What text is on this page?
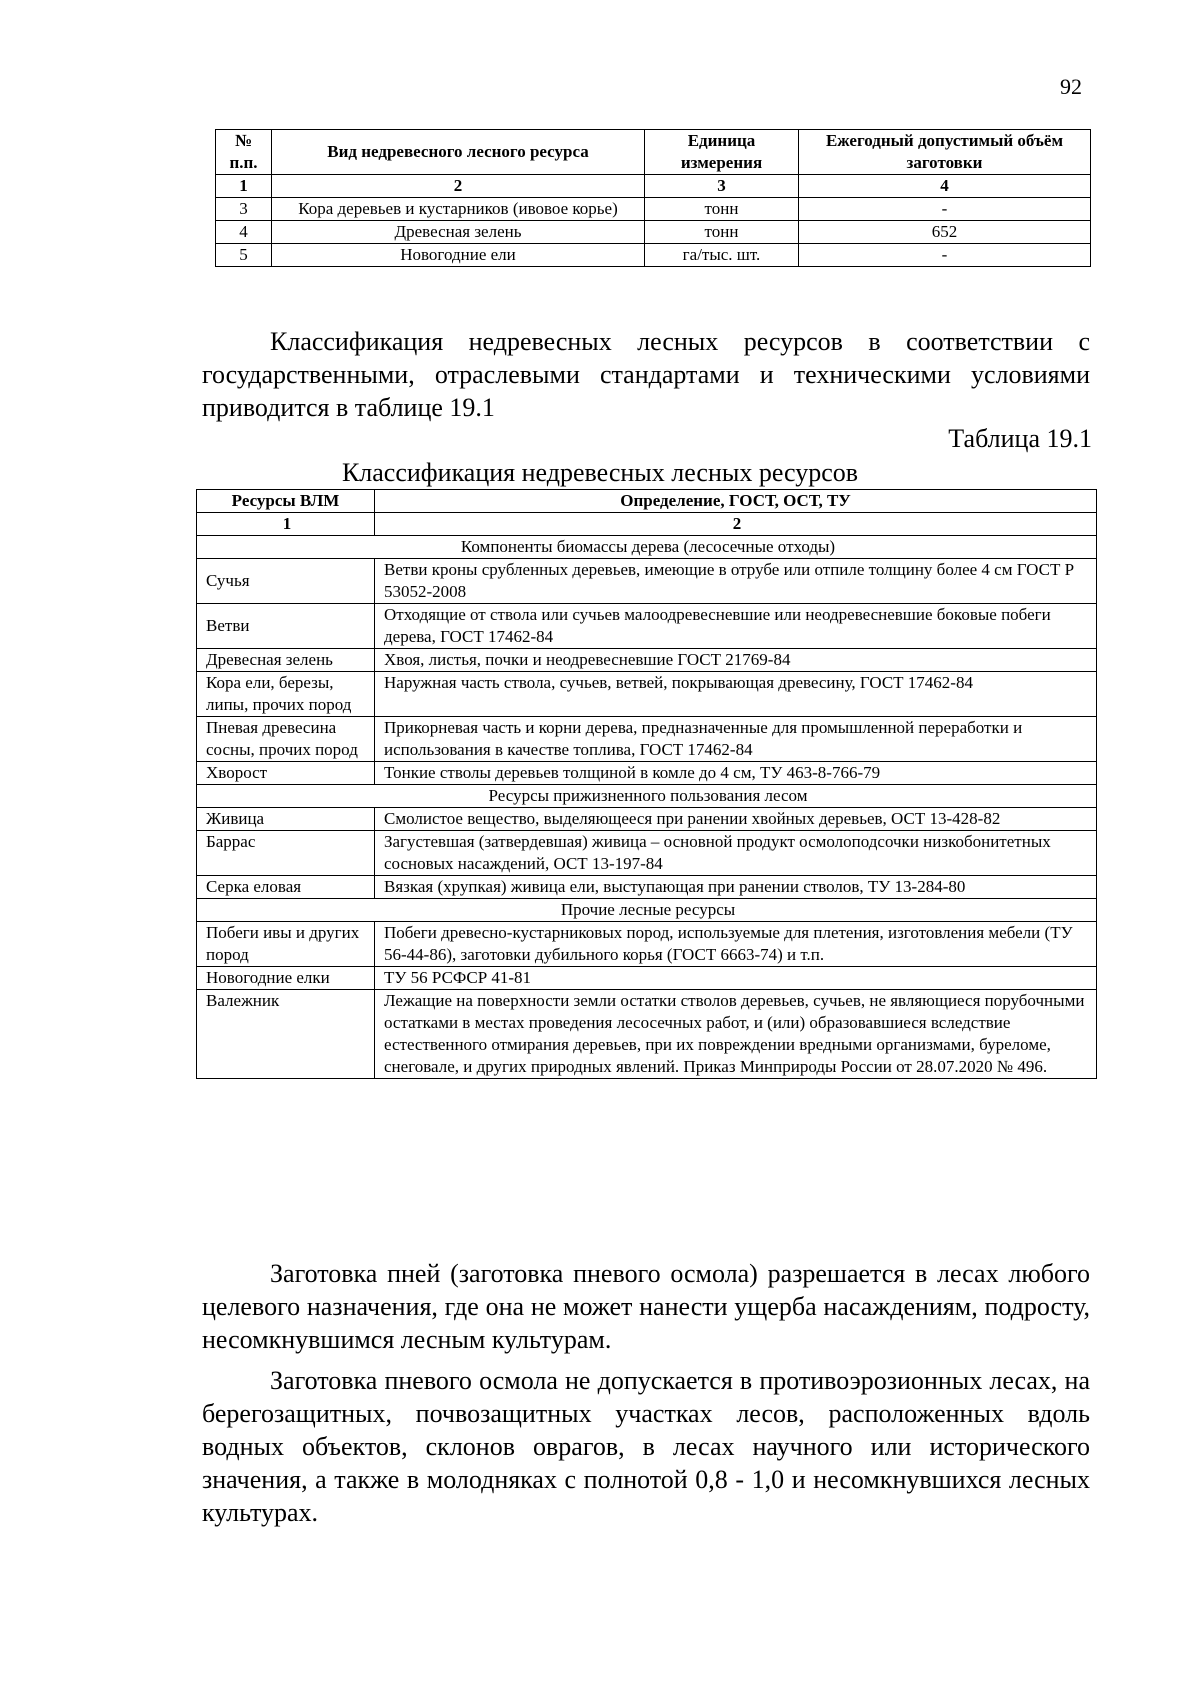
92
№ п.п.	Вид недревесного лесного ресурса	Единица измерения	Ежегодный допустимый объём заготовки
1	2	3	4
3	Кора деревьев и кустарников (ивовое корье)	тонн	-
4	Древесная зелень	тонн	652
5	Новогодние ели	га/тыс. шт.	-

Классификация недревесных лесных ресурсов в соответствии с государственными, отраслевыми стандартами и техническими условиями приводится в таблице 19.1

Таблица 19.1
Классификация недревесных лесных ресурсов
Ресурсы ВЛМ	Определение, ГОСТ, ОСТ, ТУ
1	2
Компоненты биомассы дерева (лесосечные отходы)	
Сучья	Ветви кроны срубленных деревьев, имеющие в отрубе или отпиле толщину более 4 см ГОСТ Р 53052-2008
Ветви	Отходящие от ствола или сучьев малоодревесневшие или неодревесневшие боковые побеги дерева, ГОСТ 17462-84
Древесная зелень	Хвоя, листья, почки и неодревесневшие ГОСТ 21769-84
Кора ели, березы, липы, прочих пород	Наружная часть ствола, сучьев, ветвей, покрывающая древесину, ГОСТ 17462-84
Пневая древесина сосны, прочих пород	Прикорневая часть и корни дерева, предназначенные для промышленной переработки и использования в качестве топлива, ГОСТ 17462-84
Хворост	Тонкие стволы деревьев толщиной в комле до 4 см, ТУ 463-8-766-79
Ресурсы прижизненного пользования лесом	
Живица	Смолистое вещество, выделяющееся при ранении хвойных деревьев, ОСТ 13-428-82
Баррас	Загустевшая (затвердевшая) живица – основной продукт осмолоподсочки низкобонитетных сосновых насаждений, ОСТ 13-197-84
Серка еловая	Вязкая (хрупкая) живица ели, выступающая при ранении стволов, ТУ 13-284-80
Прочие лесные ресурсы	
Побеги ивы и других пород	Побеги древесно-кустарниковых пород, используемые для плетения, изготовления мебели (ТУ 56-44-86), заготовки дубильного корья (ГОСТ 6663-74) и т.п.
Новогодние елки	ТУ 56 РСФСР 41-81
Валежник	Лежащие на поверхности земли остатки стволов деревьев, сучьев, не являющиеся порубочными остатками в местах проведения лесосечных работ, и (или) образовавшиеся вследствие естественного отмирания деревьев, при их повреждении вредными организмами, буреломе, снеговале, и других природных явлений. Приказ Минприроды России от 28.07.2020 № 496.

Заготовка пней (заготовка пневого осмола) разрешается в лесах любого целевого назначения, где она не может нанести ущерба насаждениям, подросту, несомкнувшимся лесным культурам.

Заготовка пневого осмола не допускается в противоэрозионных лесах, на берегозащитных, почвозащитных участках лесов, расположенных вдоль водных объектов, склонов оврагов, в лесах научного или исторического значения, а также в молодняках с полнотой 0,8 - 1,0 и несомкнувшихся лесных культурах.
